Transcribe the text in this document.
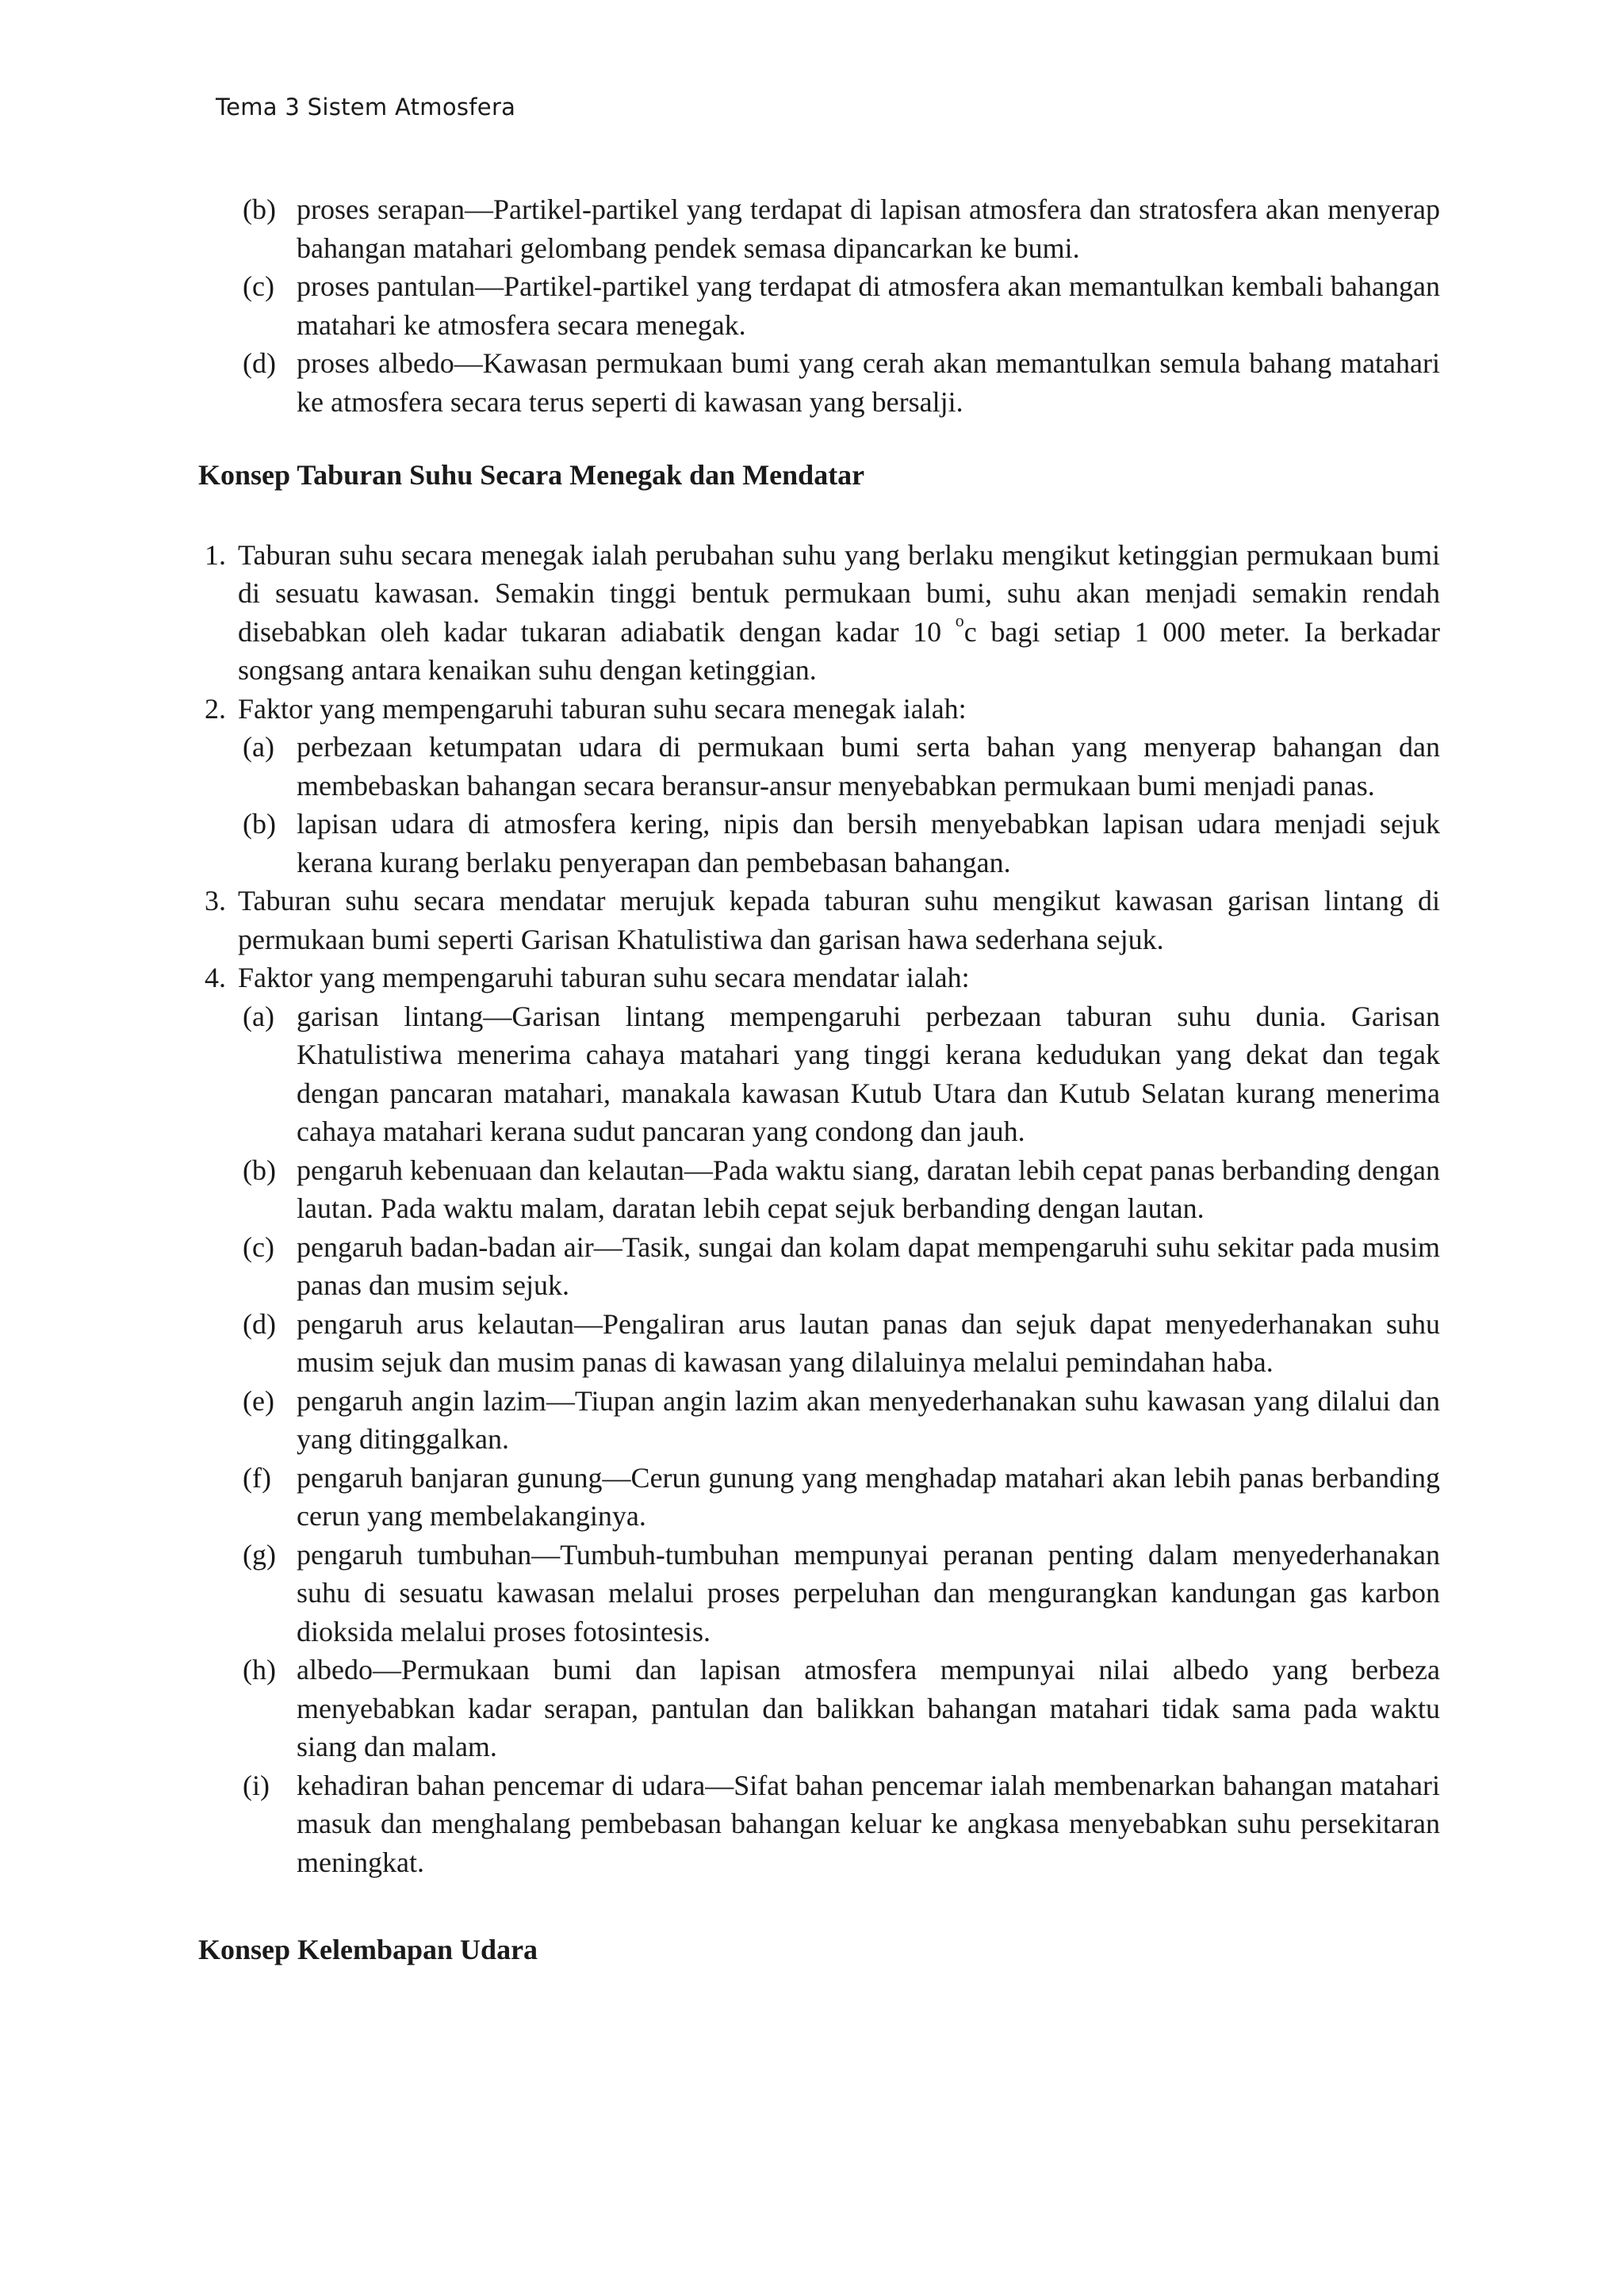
Tema 3 Sistem Atmosfera
(b) proses serapan—Partikel-partikel yang terdapat di lapisan atmosfera dan stratosfera akan menyerap bahangan matahari gelombang pendek semasa dipancarkan ke bumi.
(c) proses pantulan—Partikel-partikel yang terdapat di atmosfera akan memantulkan kembali bahangan matahari ke atmosfera secara menegak.
(d) proses albedo—Kawasan permukaan bumi yang cerah akan memantulkan semula bahang matahari ke atmosfera secara terus seperti di kawasan yang bersalji.

Konsep Taburan Suhu Secara Menegak dan Mendatar

1. Taburan suhu secara menegak ialah perubahan suhu yang berlaku mengikut ketinggian permukaan bumi di sesuatu kawasan. Semakin tinggi bentuk permukaan bumi, suhu akan menjadi semakin rendah disebabkan oleh kadar tukaran adiabatik dengan kadar 10 $^o$c bagi setiap 1 000 meter. Ia berkadar songsang antara kenaikan suhu dengan ketinggian.
2. Faktor yang mempengaruhi taburan suhu secara menegak ialah:
(a) perbezaan ketumpatan udara di permukaan bumi serta bahan yang menyerap bahangan dan membebaskan bahangan secara beransur-ansur menyebabkan permukaan bumi menjadi panas.
(b) lapisan udara di atmosfera kering, nipis dan bersih menyebabkan lapisan udara menjadi sejuk kerana kurang berlaku penyerapan dan pembebasan bahangan.
3. Taburan suhu secara mendatar merujuk kepada taburan suhu mengikut kawasan garisan lintang di permukaan bumi seperti Garisan Khatulistiwa dan garisan hawa sederhana sejuk.
4. Faktor yang mempengaruhi taburan suhu secara mendatar ialah:
(a) garisan lintang—Garisan lintang mempengaruhi perbezaan taburan suhu dunia. Garisan Khatulistiwa menerima cahaya matahari yang tinggi kerana kedudukan yang dekat dan tegak dengan pancaran matahari, manakala kawasan Kutub Utara dan Kutub Selatan kurang menerima cahaya matahari kerana sudut pancaran yang condong dan jauh.
(b) pengaruh kebenuaan dan kelautan—Pada waktu siang, daratan lebih cepat panas berbanding dengan lautan. Pada waktu malam, daratan lebih cepat sejuk berbanding dengan lautan.
(c) pengaruh badan-badan air—Tasik, sungai dan kolam dapat mempengaruhi suhu sekitar pada musim panas dan musim sejuk.
(d) pengaruh arus kelautan—Pengaliran arus lautan panas dan sejuk dapat menyederhanakan suhu musim sejuk dan musim panas di kawasan yang dilaluinya melalui pemindahan haba.
(e) pengaruh angin lazim—Tiupan angin lazim akan menyederhanakan suhu kawasan yang dilalui dan yang ditinggalkan.
(f) pengaruh banjaran gunung—Cerun gunung yang menghadap matahari akan lebih panas berbanding cerun yang membelakanginya.
(g) pengaruh tumbuhan—Tumbuh-tumbuhan mempunyai peranan penting dalam menyederhanakan suhu di sesuatu kawasan melalui proses perpeluhan dan mengurangkan kandungan gas karbon dioksida melalui proses fotosintesis.
(h) albedo—Permukaan bumi dan lapisan atmosfera mempunyai nilai albedo yang berbeza menyebabkan kadar serapan, pantulan dan balikkan bahangan matahari tidak sama pada waktu siang dan malam.
(i) kehadiran bahan pencemar di udara—Sifat bahan pencemar ialah membenarkan bahangan matahari masuk dan menghalang pembebasan bahangan keluar ke angkasa menyebabkan suhu persekitaran meningkat.

Konsep Kelembapan Udara
